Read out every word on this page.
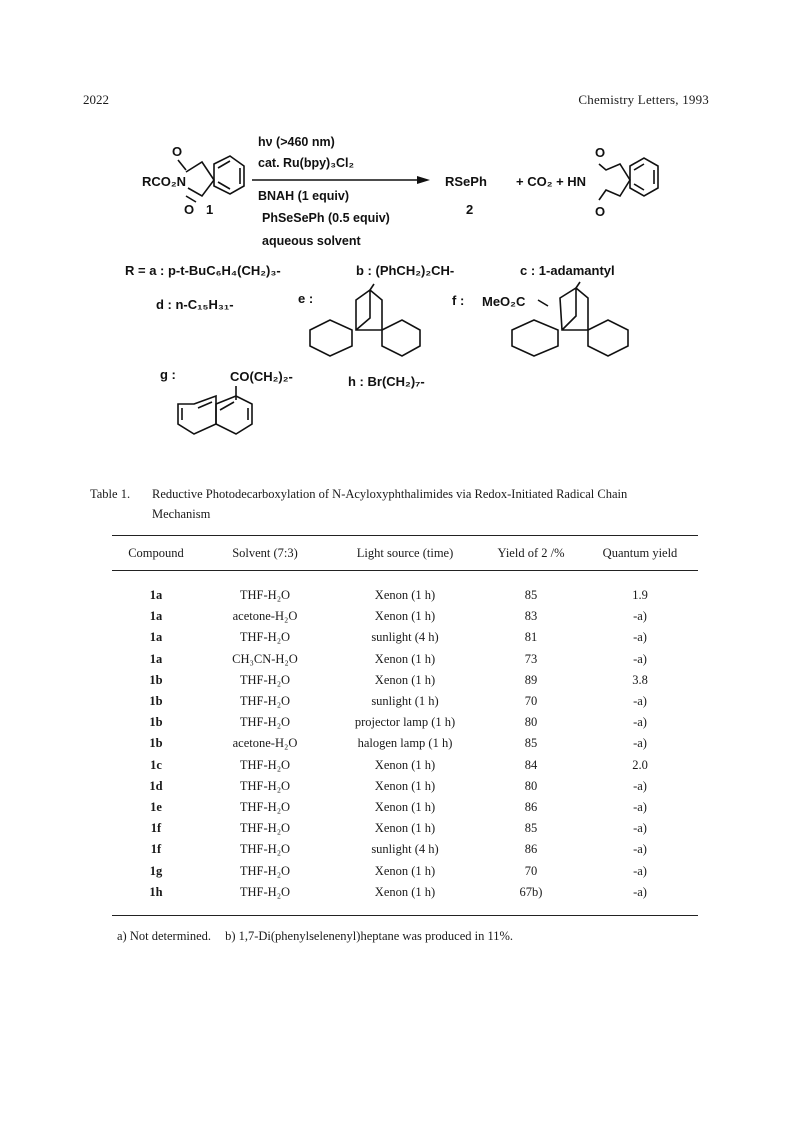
2022	Chemistry Letters, 1993
RCO₂N
O
O 1
hν (>460 nm)
cat. Ru(bpy)₃Cl₂
BNAH (1 equiv)
PhSeSePh (0.5 equiv)
aqueous solvent
RSePh
2
+ CO₂ + HN
O
O
R = a : p-t-BuC₆H₄(CH₂)₃-	b : (PhCH₂)₂CH-	c : 1-adamantyl
d : n-C₁₅H₃₁-	e :	f : MeO₂C
g :	CO(CH₂)₂-	h : Br(CH₂)₇-
Table 1. Reductive Photodecarboxylation of N-Acyloxyphthalimides via Redox-Initiated Radical Chain
Mechanism
Compound	Solvent (7:3)	Light source (time)	Yield of 2 /%	Quantum yield
1a	THF-H₂O	Xenon (1 h)	85	1.9
1a	acetone-H₂O	Xenon (1 h)	83	-a)
1a	THF-H₂O	sunlight (4 h)	81	-a)
1a	CH₃CN-H₂O	Xenon (1 h)	73	-a)
1b	THF-H₂O	Xenon (1 h)	89	3.8
1b	THF-H₂O	sunlight (1 h)	70	-a)
1b	THF-H₂O	projector lamp (1 h)	80	-a)
1b	acetone-H₂O	halogen lamp (1 h)	85	-a)
1c	THF-H₂O	Xenon (1 h)	84	2.0
1d	THF-H₂O	Xenon (1 h)	80	-a)
1e	THF-H₂O	Xenon (1 h)	86	-a)
1f	THF-H₂O	Xenon (1 h)	85	-a)
1f	THF-H₂O	sunlight (4 h)	86	-a)
1g	THF-H₂O	Xenon (1 h)	70	-a)
1h	THF-H₂O	Xenon (1 h)	67b)	-a)
a) Not determined. b) 1,7-Di(phenylselenenyl)heptane was produced in 11%.
